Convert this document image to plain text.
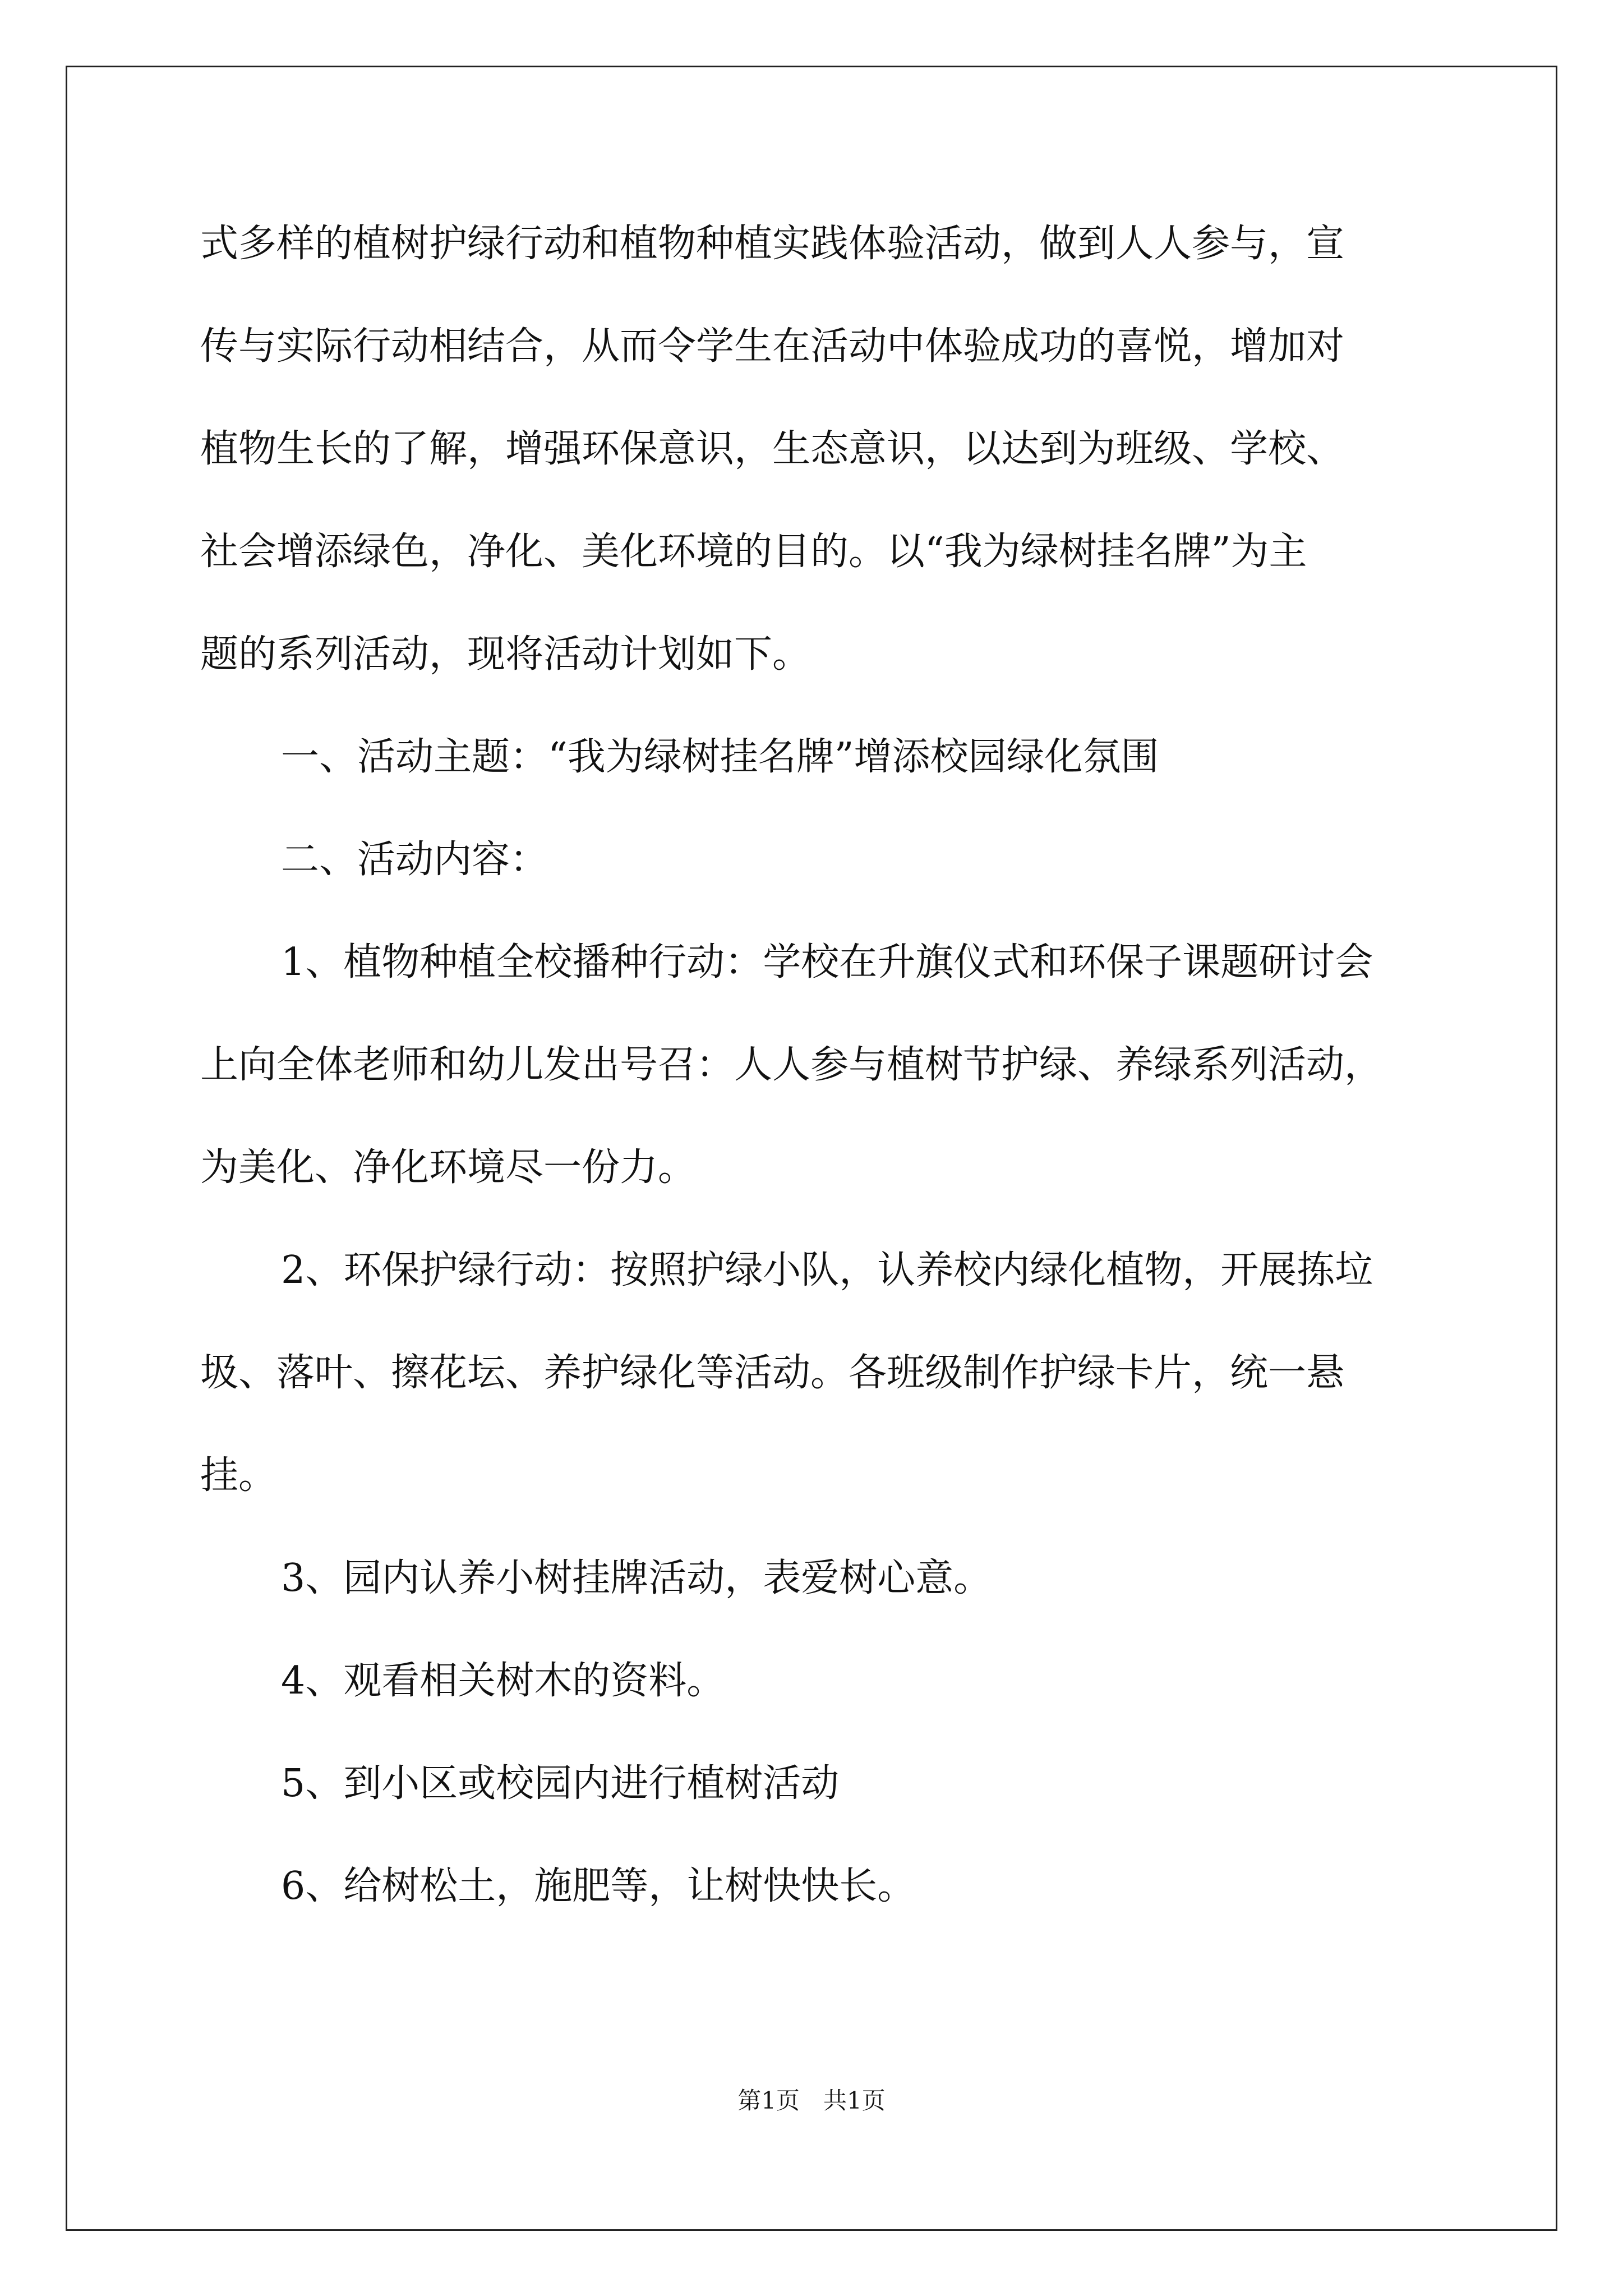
式多样的植树护绿行动和植物种植实践体验活动，做到人人参与，宣
传与实际行动相结合，从而令学生在活动中体验成功的喜悦，增加对
植物生长的了解，增强环保意识，生态意识，以达到为班级、学校、
社会增添绿色，净化、美化环境的目的。以“我为绿树挂名牌”为主
题的系列活动，现将活动计划如下。
一、活动主题：“我为绿树挂名牌”增添校园绿化氛围
二、活动内容：
1、植物种植全校播种行动：学校在升旗仪式和环保子课题研讨会
上向全体老师和幼儿发出号召：人人参与植树节护绿、养绿系列活动，
为美化、净化环境尽一份力。
2、环保护绿行动：按照护绿小队，认养校内绿化植物，开展拣垃
圾、落叶、擦花坛、养护绿化等活动。各班级制作护绿卡片，统一悬
挂。
3、园内认养小树挂牌活动，表爱树心意。
4、观看相关树木的资料。
5、到小区或校园内进行植树活动
6、给树松土，施肥等，让树快快长。
第1页　共1页
